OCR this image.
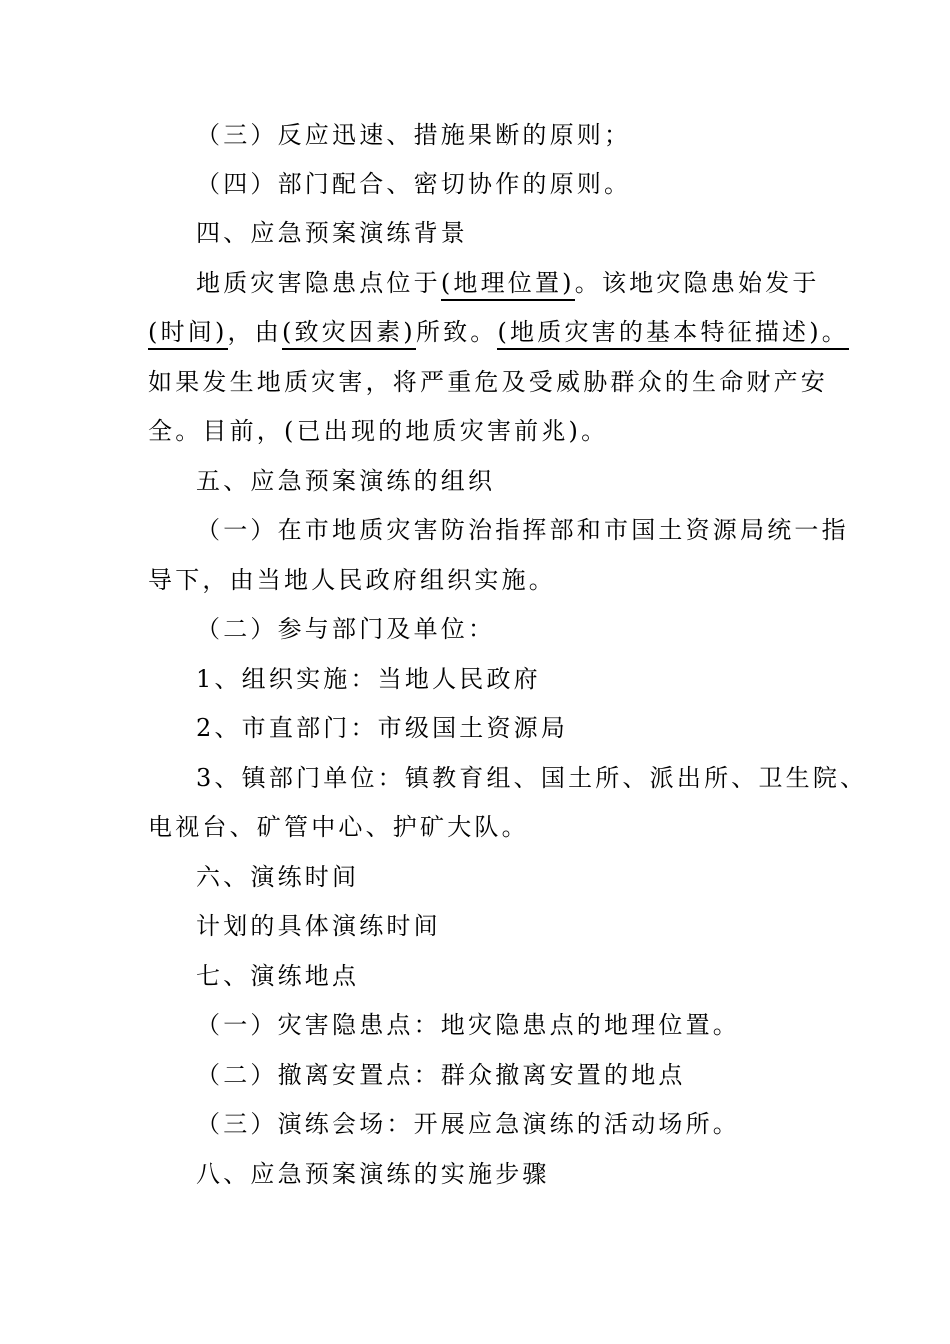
（三）反应迅速、措施果断的原则；
（四）部门配合、密切协作的原则。
四、应急预案演练背景
地质灾害隐患点位于(地理位置)。该地灾隐患始发于
(时间)，由(致灾因素)所致。(地质灾害的基本特征描述)。
如果发生地质灾害，将严重危及受威胁群众的生命财产安
全。目前，(已出现的地质灾害前兆)。
五、应急预案演练的组织
（一）在市地质灾害防治指挥部和市国土资源局统一指
导下，由当地人民政府组织实施。
（二）参与部门及单位：
1、组织实施：当地人民政府
2、市直部门：市级国土资源局
3、镇部门单位：镇教育组、国土所、派出所、卫生院、
电视台、矿管中心、护矿大队。
六、演练时间
计划的具体演练时间
七、演练地点
（一）灾害隐患点：地灾隐患点的地理位置。
（二）撤离安置点：群众撤离安置的地点
（三）演练会场：开展应急演练的活动场所。
八、应急预案演练的实施步骤
